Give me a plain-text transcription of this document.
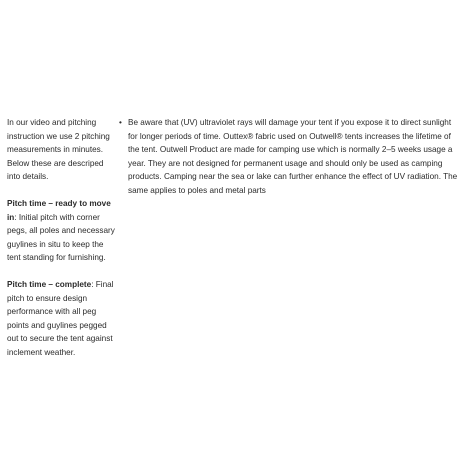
In our video and pitching instruction we use 2 pitching measurements in minutes. Below these are descriped into details.

Pitch time – ready to move in: Initial pitch with corner pegs, all poles and necessary guylines in situ to keep the tent standing for furnishing.

Pitch time – complete: Final pitch to ensure design performance with all peg points and guylines pegged out to secure the tent against inclement weather.

• Be aware that (UV) ultraviolet rays will damage your tent if you expose it to direct sunlight for longer periods of time. Outtex® fabric used on Outwell® tents increases the lifetime of the tent. Outwell Product are made for camping use which is normally 2–5 weeks usage a year. They are not designed for permanent usage and should only be used as camping products. Camping near the sea or lake can further enhance the effect of UV radiation. The same applies to poles and metal parts
